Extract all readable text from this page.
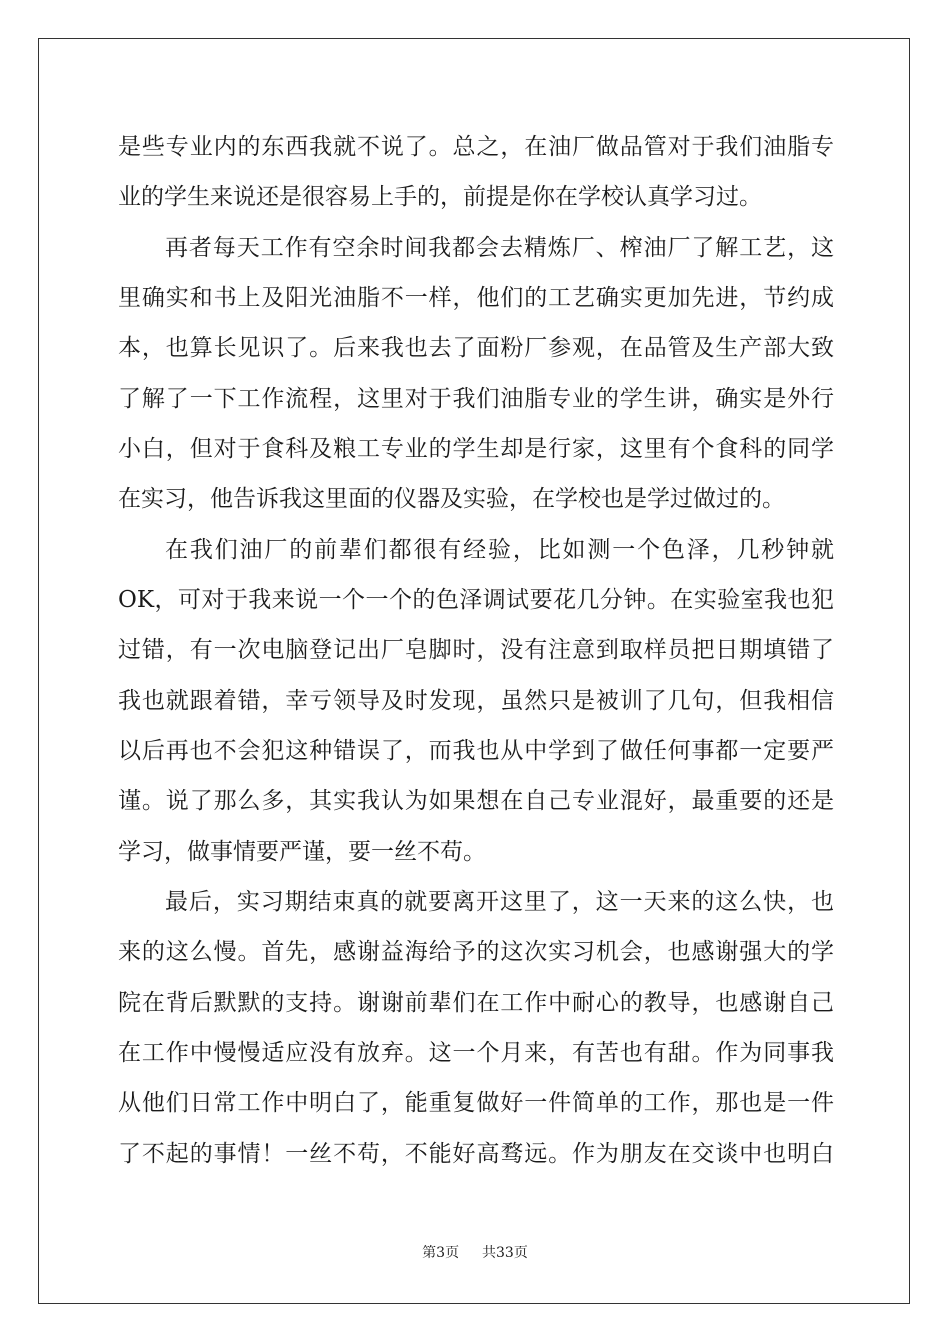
是些专业内的东西我就不说了。总之，在油厂做品管对于我们油脂专
业的学生来说还是很容易上手的，前提是你在学校认真学习过。
再者每天工作有空余时间我都会去精炼厂、榨油厂了解工艺，这
里确实和书上及阳光油脂不一样，他们的工艺确实更加先进，节约成
本，也算长见识了。后来我也去了面粉厂参观，在品管及生产部大致
了解了一下工作流程，这里对于我们油脂专业的学生讲，确实是外行
小白，但对于食科及粮工专业的学生却是行家，这里有个食科的同学
在实习，他告诉我这里面的仪器及实验，在学校也是学过做过的。
在我们油厂的前辈们都很有经验，比如测一个色泽，几秒钟就
OK，可对于我来说一个一个的色泽调试要花几分钟。在实验室我也犯
过错，有一次电脑登记出厂皂脚时，没有注意到取样员把日期填错了
我也就跟着错，幸亏领导及时发现，虽然只是被训了几句，但我相信
以后再也不会犯这种错误了，而我也从中学到了做任何事都一定要严
谨。说了那么多，其实我认为如果想在自己专业混好，最重要的还是
学习，做事情要严谨，要一丝不苟。
最后，实习期结束真的就要离开这里了，这一天来的这么快，也
来的这么慢。首先，感谢益海给予的这次实习机会，也感谢强大的学
院在背后默默的支持。谢谢前辈们在工作中耐心的教导，也感谢自己
在工作中慢慢适应没有放弃。这一个月来，有苦也有甜。作为同事我
从他们日常工作中明白了，能重复做好一件简单的工作，那也是一件
了不起的事情！一丝不苟，不能好高骛远。作为朋友在交谈中也明白
第3页 共33页
